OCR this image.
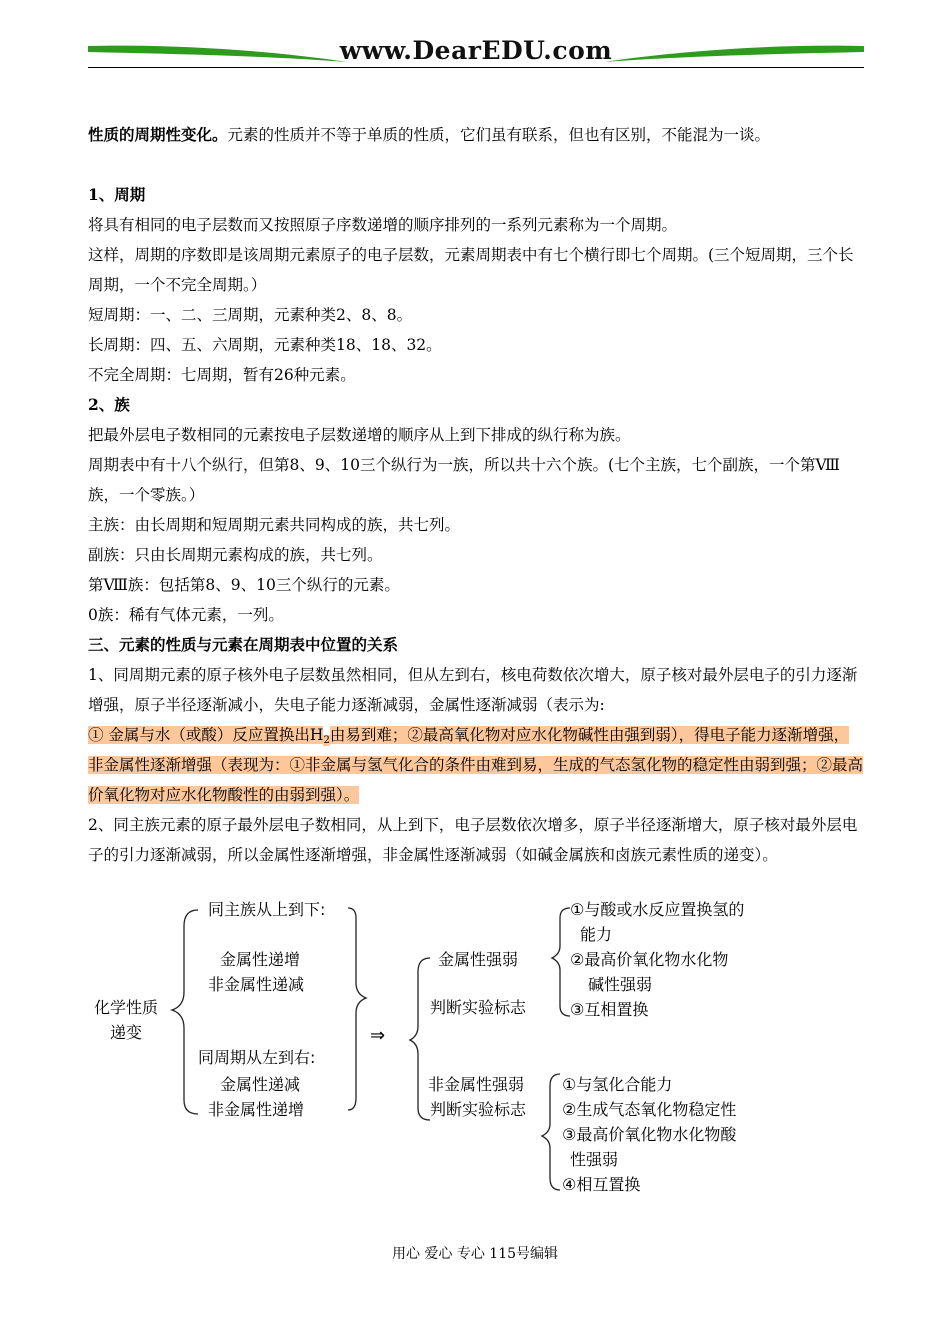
www.DearEDU.com

性质的周期性变化。元素的性质并不等于单质的性质，它们虽有联系，但也有区别，不能混为一谈。

1、周期

将具有相同的电子层数而又按照原子序数递增的顺序排列的一系列元素称为一个周期。

这样，周期的序数即是该周期元素原子的电子层数，元素周期表中有七个横行即七个周期。(三个短周期，三个长周期，一个不完全周期。）

短周期：一、二、三周期，元素种类2、8、8。

长周期：四、五、六周期，元素种类18、18、32。

不完全周期：七周期，暂有26种元素。

2、族

把最外层电子数相同的元素按电子层数递增的顺序从上到下排成的纵行称为族。

周期表中有十八个纵行，但第8、9、10三个纵行为一族，所以共十六个族。(七个主族，七个副族，一个第Ⅷ族，一个零族。）

主族：由长周期和短周期元素共同构成的族，共七列。

副族：只由长周期元素构成的族，共七列。

第Ⅷ族：包括第8、9、10三个纵行的元素。

0族：稀有气体元素，一列。

三、元素的性质与元素在周期表中位置的关系

1、同周期元素的原子核外电子层数虽然相同，但从左到右，核电荷数依次增大，原子核对最外层电子的引力逐渐增强，原子半径逐渐减小，失电子能力逐渐减弱，金属性逐渐减弱（表示为:

① 金属与水（或酸）反应置换出$H_2$由易到难；②最高氧化物对应水化物碱性由强到弱），得电子能力逐渐增强，非金属性逐渐增强（表现为：①非金属与氢气化合的条件由难到易，生成的气态氢化物的稳定性由弱到强；②最高价氧化物对应水化物酸性的由弱到强）。

2、同主族元素的原子最外层电子数相同，从上到下，电子层数依次增多，原子半径逐渐增大，原子核对最外层电子的引力逐渐减弱，所以金属性逐渐增强，非金属性逐渐减弱（如碱金属族和卤族元素性质的递变）。

化学性质
递变
同主族从上到下:
金属性递增
非金属性递减
同周期从左到右:
金属性递减
非金属性递增
⇒
金属性强弱
判断实验标志
①与酸或水反应置换氢的
能力
②最高价氧化物水化物
碱性强弱
③互相置换
非金属性强弱
判断实验标志
①与氢化合能力
②生成气态氧化物稳定性
③最高价氧化物水化物酸
性强弱
④相互置换
用心 爱心 专心 115号编辑
